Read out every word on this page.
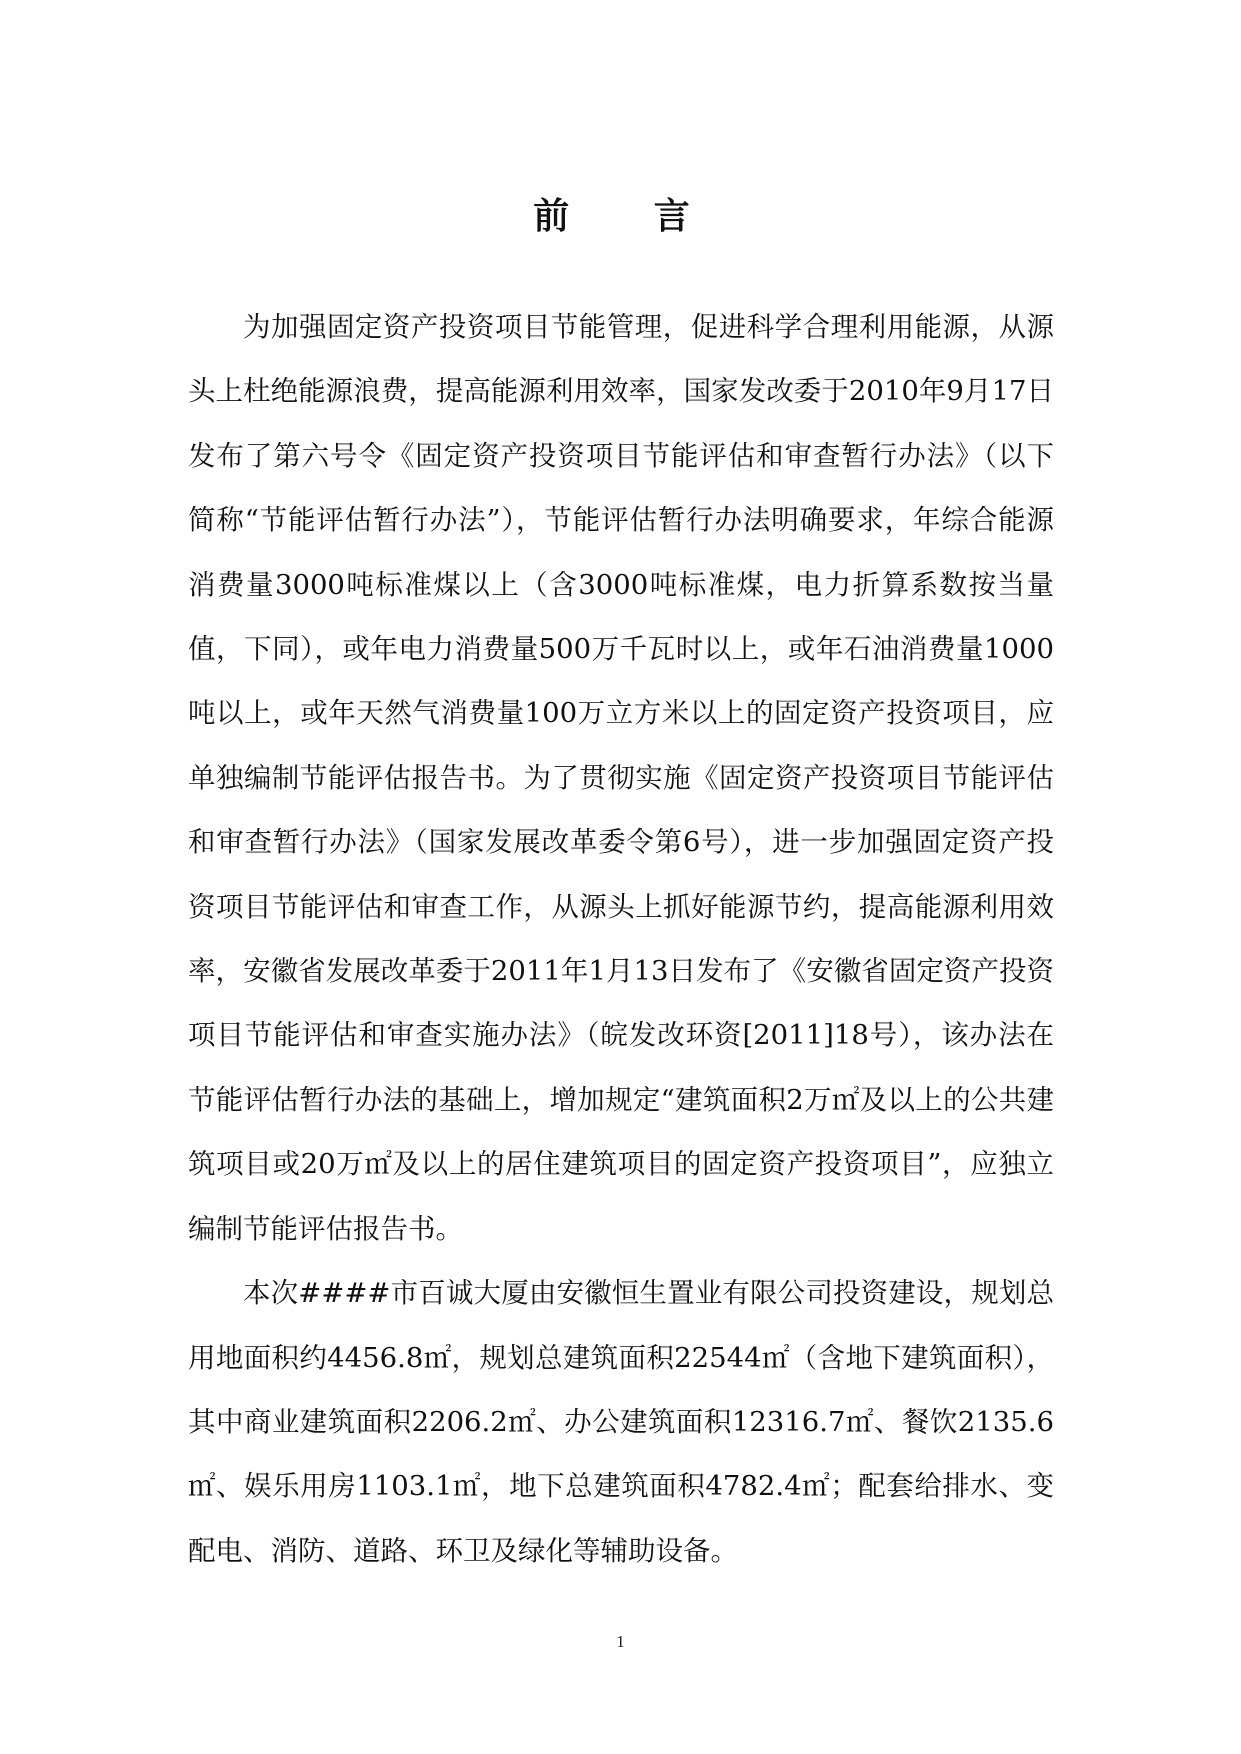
前 言

为加强固定资产投资项目节能管理，促进科学合理利用能源，从源头上杜绝能源浪费，提高能源利用效率，国家发改委于2010年9月17日发布了第六号令《固定资产投资项目节能评估和审查暂行办法》（以下简称“节能评估暂行办法”），节能评估暂行办法明确要求，年综合能源消费量3000吨标准煤以上（含3000吨标准煤，电力折算系数按当量值，下同），或年电力消费量500万千瓦时以上，或年石油消费量1000吨以上，或年天然气消费量100万立方米以上的固定资产投资项目，应单独编制节能评估报告书。为了贯彻实施《固定资产投资项目节能评估和审查暂行办法》（国家发展改革委令第6号），进一步加强固定资产投资项目节能评估和审查工作，从源头上抓好能源节约，提高能源利用效率，安徽省发展改革委于2011年1月13日发布了《安徽省固定资产投资项目节能评估和审查实施办法》（皖发改环资[2011]18号），该办法在节能评估暂行办法的基础上，增加规定“建筑面积2万㎡及以上的公共建筑项目或20万㎡及以上的居住建筑项目的固定资产投资项目”，应独立编制节能评估报告书。

本次####市百诚大厦由安徽恒生置业有限公司投资建设，规划总用地面积约4456.8㎡，规划总建筑面积22544㎡（含地下建筑面积），其中商业建筑面积2206.2㎡、办公建筑面积12316.7㎡、餐饮2135.6㎡、娱乐用房1103.1㎡，地下总建筑面积4782.4㎡；配套给排水、变配电、消防、道路、环卫及绿化等辅助设备。

1
